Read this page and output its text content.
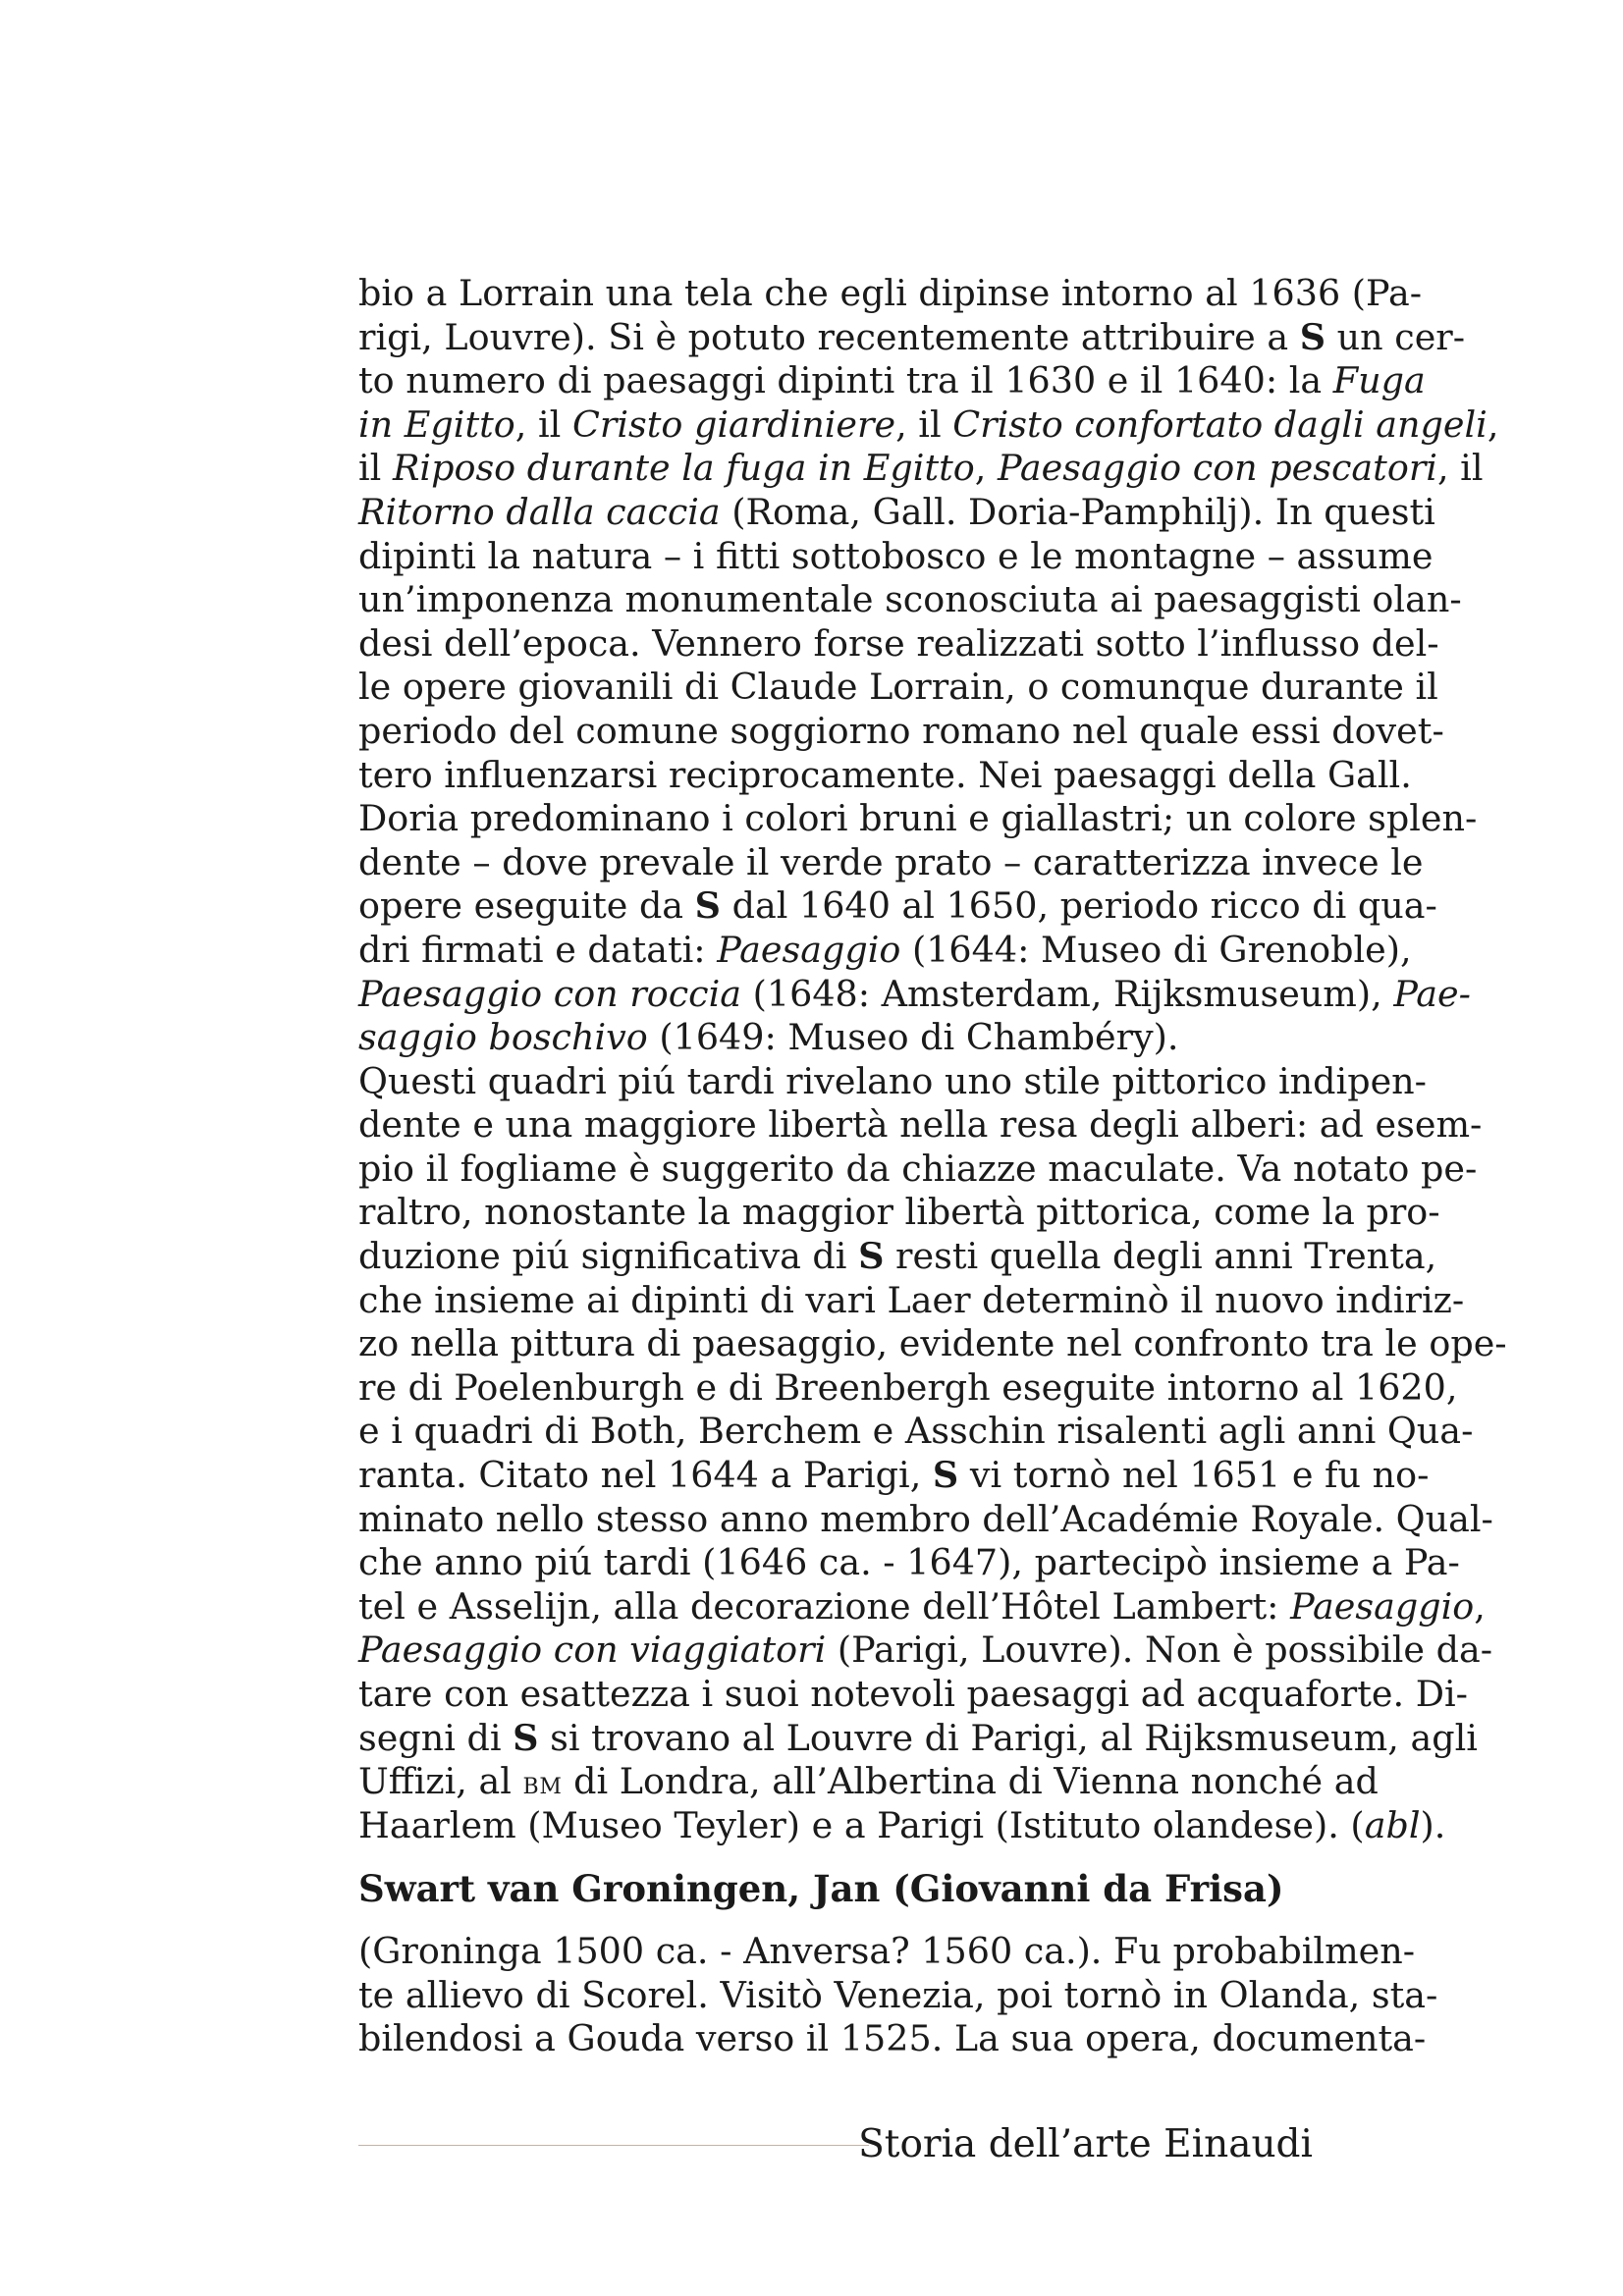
bio a Lorrain una tela che egli dipinse intorno al 1636 (Pa-
rigi, Louvre). Si è potuto recentemente attribuire a S un cer-
to numero di paesaggi dipinti tra il 1630 e il 1640: la Fuga
in Egitto, il Cristo giardiniere, il Cristo confortato dagli angeli,
il Riposo durante la fuga in Egitto, Paesaggio con pescatori, il
Ritorno dalla caccia (Roma, Gall. Doria-Pamphilj). In questi
dipinti la natura – i fitti sottobosco e le montagne – assume
un’imponenza monumentale sconosciuta ai paesaggisti olan-
desi dell’epoca. Vennero forse realizzati sotto l’influsso del-
le opere giovanili di Claude Lorrain, o comunque durante il
periodo del comune soggiorno romano nel quale essi dovet-
tero influenzarsi reciprocamente. Nei paesaggi della Gall.
Doria predominano i colori bruni e giallastri; un colore splen-
dente – dove prevale il verde prato – caratterizza invece le
opere eseguite da S dal 1640 al 1650, periodo ricco di qua-
dri firmati e datati: Paesaggio (1644: Museo di Grenoble),
Paesaggio con roccia (1648: Amsterdam, Rijksmuseum), Pae-
saggio boschivo (1649: Museo di Chambéry).
Questi quadri piú tardi rivelano uno stile pittorico indipen-
dente e una maggiore libertà nella resa degli alberi: ad esem-
pio il fogliame è suggerito da chiazze maculate. Va notato pe-
raltro, nonostante la maggior libertà pittorica, come la pro-
duzione piú significativa di S resti quella degli anni Trenta,
che insieme ai dipinti di vari Laer determinò il nuovo indiriz-
zo nella pittura di paesaggio, evidente nel confronto tra le ope-
re di Poelenburgh e di Breenbergh eseguite intorno al 1620,
e i quadri di Both, Berchem e Asschin risalenti agli anni Qua-
ranta. Citato nel 1644 a Parigi, S vi tornò nel 1651 e fu no-
minato nello stesso anno membro dell’Académie Royale. Qual-
che anno piú tardi (1646 ca. - 1647), partecipò insieme a Pa-
tel e Asselijn, alla decorazione dell’Hôtel Lambert: Paesaggio,
Paesaggio con viaggiatori (Parigi, Louvre). Non è possibile da-
tare con esattezza i suoi notevoli paesaggi ad acquaforte. Di-
segni di S si trovano al Louvre di Parigi, al Rijksmuseum, agli
Uffizi, al bm di Londra, all’Albertina di Vienna nonché ad
Haarlem (Museo Teyler) e a Parigi (Istituto olandese). (abl).
Swart van Groningen, Jan (Giovanni da Frisa)
(Groninga 1500 ca. - Anversa? 1560 ca.). Fu probabilmen-
te allievo di Scorel. Visitò Venezia, poi tornò in Olanda, sta-
bilendosi a Gouda verso il 1525. La sua opera, documenta-
Storia dell’arte Einaudi
